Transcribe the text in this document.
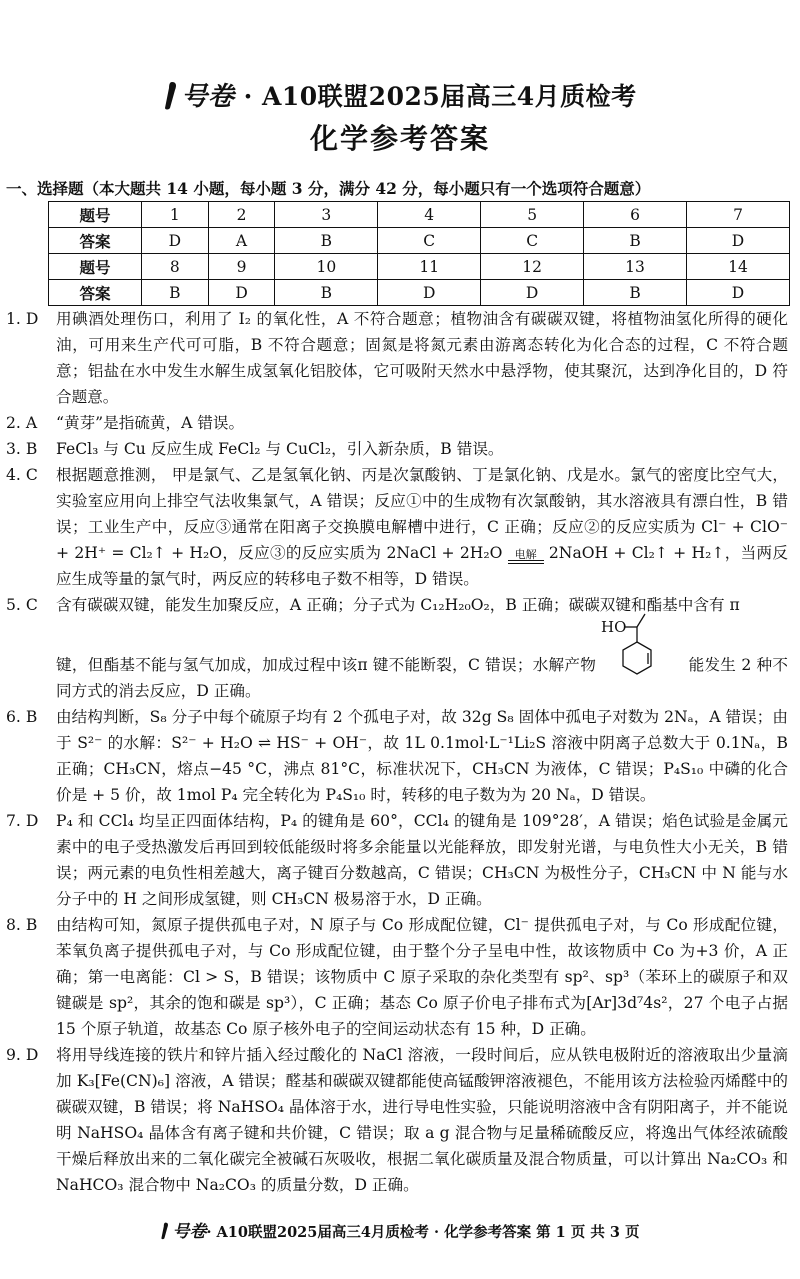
号卷 · A10联盟2025届高三4月质检考
化学参考答案
一、选择题（本大题共 14 小题，每小题 3 分，满分 42 分，每小题只有一个选项符合题意）
题号	1	2	3	4	5	6	7
答案	D	A	B	C	C	B	D
题号	8	9	10	11	12	13	14
答案	B	D	B	D	D	B	D
1. D 用碘酒处理伤口，利用了 I₂ 的氧化性，A 不符合题意；植物油含有碳碳双键，将植物油氢化所得的硬化油，可用来生产代可可脂，B 不符合题意；固氮是将氮元素由游离态转化为化合态的过程，C 不符合题意；铝盐在水中发生水解生成氢氧化铝胶体，它可吸附天然水中悬浮物，使其聚沉，达到净化目的，D 符合题意。
2. A “黄芽”是指硫黄，A 错误。
3. B FeCl₃ 与 Cu 反应生成 FeCl₂ 与 CuCl₂，引入新杂质，B 错误。
4. C 根据题意推测， 甲是氯气、乙是氢氧化钠、丙是次氯酸钠、丁是氯化钠、戊是水。氯气的密度比空气大，实验室应用向上排空气法收集氯气，A 错误；反应①中的生成物有次氯酸钠，其水溶液具有漂白性，B 错误；工业生产中，反应③通常在阳离子交换膜电解槽中进行，C 正确；反应②的反应实质为 Cl⁻ + ClO⁻ + 2H⁺ = Cl₂↑ + H₂O，反应③的反应实质为 2NaCl + 2H₂O	电解 2NaOH + Cl₂↑ + H₂↑，当两反应生成等量的氯气时，两反应的转移电子数不相等，D 错误。
5. C 含有碳碳双键，能发生加聚反应，A 正确；分子式为 C₁₂H₂₀O₂，B 正确；碳碳双键和酯基中含有 π
键，但酯基不能与氢气加成，加成过程中该π 键不能断裂，C 错误；水解产物
HO
能发生 2 种不同方式的消去反应，D 正确。
6. B 由结构判断，S₈ 分子中每个硫原子均有 2 个孤电子对，故 32g S₈ 固体中孤电子对数为 2Nₐ，A 错误；由于 S²⁻ 的水解：S²⁻ + H₂O ⇌ HS⁻ + OH⁻，故 1L 0.1mol·L⁻¹Li₂S 溶液中阴离子总数大于 0.1Nₐ，B 正确；CH₃CN，熔点−45 °C，沸点 81°C，标准状况下，CH₃CN 为液体，C 错误；P₄S₁₀ 中磷的化合价是 + 5 价，故 1mol P₄ 完全转化为 P₄S₁₀ 时，转移的电子数为为 20 Nₐ，D 错误。
7. D P₄ 和 CCl₄ 均呈正四面体结构，P₄ 的键角是 60°，CCl₄ 的键角是 109°28′，A 错误；焰色试验是金属元素中的电子受热激发后再回到较低能级时将多余能量以光能释放，即发射光谱，与电负性大小无关，B 错误；两元素的电负性相差越大，离子键百分数越高，C 错误；CH₃CN 为极性分子，CH₃CN 中 N 能与水分子中的 H 之间形成氢键，则 CH₃CN 极易溶于水，D 正确。
8. B 由结构可知，氮原子提供孤电子对，N 原子与 Co 形成配位键，Cl⁻ 提供孤电子对，与 Co 形成配位键，苯氧负离子提供孤电子对，与 Co 形成配位键，由于整个分子呈电中性，故该物质中 Co 为+3 价，A 正确；第一电离能：Cl > S，B 错误；该物质中 C 原子采取的杂化类型有 sp²、sp³（苯环上的碳原子和双键碳是 sp²，其余的饱和碳是 sp³），C 正确；基态 Co 原子价电子排布式为[Ar]3d⁷4s²，27 个电子占据 15 个原子轨道，故基态 Co 原子核外电子的空间运动状态有 15 种，D 正确。
9. D 将用导线连接的铁片和锌片插入经过酸化的 NaCl 溶液，一段时间后，应从铁电极附近的溶液取出少量滴加 K₃[Fe(CN)₆] 溶液，A 错误；醛基和碳碳双键都能使高锰酸钾溶液褪色，不能用该方法检验丙烯醛中的碳碳双键，B 错误；将 NaHSO₄ 晶体溶于水，进行导电性实验，只能说明溶液中含有阴阳离子，并不能说明 NaHSO₄ 晶体含有离子键和共价键，C 错误；取 a g 混合物与足量稀硫酸反应，将逸出气体经浓硫酸干燥后释放出来的二氧化碳完全被碱石灰吸收，根据二氧化碳质量及混合物质量，可以计算出 Na₂CO₃ 和 NaHCO₃ 混合物中 Na₂CO₃ 的质量分数，D 正确。
号卷· A10联盟2025届高三4月质检考 · 化学参考答案 第 1 页 共 3 页
